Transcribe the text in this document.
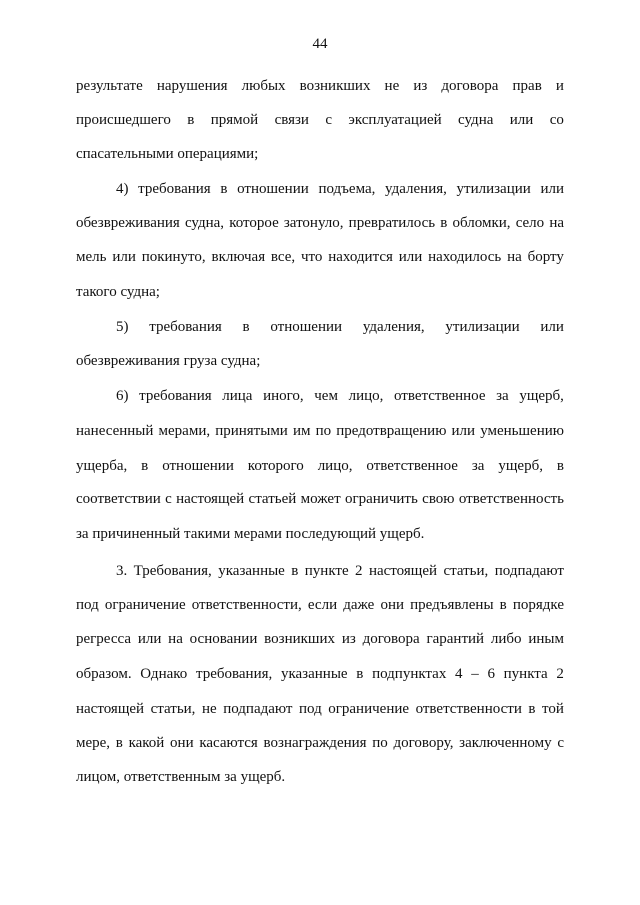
44
результате нарушения любых возникших не из договора прав и
происшедшего в прямой связи с эксплуатацией судна или со
спасательными операциями;
4) требования в отношении подъема, удаления, утилизации или
обезвреживания судна, которое затонуло, превратилось в обломки, село на
мель или покинуто, включая все, что находится или находилось на борту
такого судна;
5) требования в отношении удаления, утилизации или
обезвреживания груза судна;
6) требования лица иного, чем лицо, ответственное за ущерб,
нанесенный мерами, принятыми им по предотвращению или уменьшению
ущерба, в отношении которого лицо, ответственное за ущерб, в
соответствии с настоящей статьей может ограничить свою ответственность
за причиненный такими мерами последующий ущерб.
3. Требования, указанные в пункте 2 настоящей статьи, подпадают
под ограничение ответственности, если даже они предъявлены в порядке
регресса или на основании возникших из договора гарантий либо иным
образом. Однако требования, указанные в подпунктах 4 – 6 пункта 2
настоящей статьи, не подпадают под ограничение ответственности в той
мере, в какой они касаются вознаграждения по договору, заключенному с
лицом, ответственным за ущерб.
